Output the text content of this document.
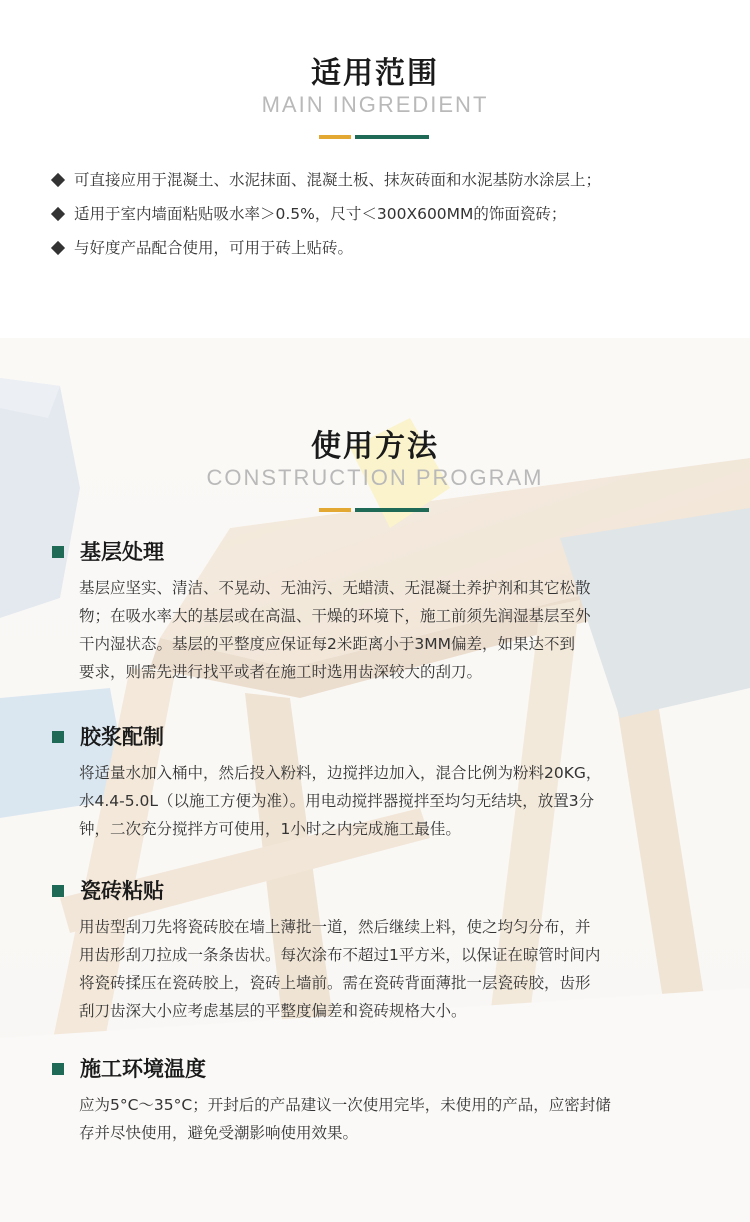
适用范围
MAIN INGREDIENT
可直接应用于混凝土、水泥抹面、混凝土板、抹灰砖面和水泥基防水涂层上；
适用于室内墙面粘贴吸水率＞0.5%，尺寸＜300X600MM的饰面瓷砖；
与好度产品配合使用，可用于砖上贴砖。
使用方法
CONSTRUCTION PROGRAM
基层处理
基层应坚实、清洁、不晃动、无油污、无蜡渍、无混凝土养护剂和其它松散
物；在吸水率大的基层或在高温、干燥的环境下，施工前须先润湿基层至外
干内湿状态。基层的平整度应保证每2米距离小于3MM偏差，如果达不到
要求，则需先进行找平或者在施工时选用齿深较大的刮刀。
胶浆配制
将适量水加入桶中，然后投入粉料，边搅拌边加入，混合比例为粉料20KG，
水4.4-5.0L（以施工方便为准）。用电动搅拌器搅拌至均匀无结块，放置3分
钟，二次充分搅拌方可使用，1小时之内完成施工最佳。
瓷砖粘贴
用齿型刮刀先将瓷砖胶在墙上薄批一道，然后继续上料，使之均匀分布，并
用齿形刮刀拉成一条条齿状。每次涂布不超过1平方米，以保证在晾管时间内
将瓷砖揉压在瓷砖胶上，瓷砖上墙前。需在瓷砖背面薄批一层瓷砖胶，齿形
刮刀齿深大小应考虑基层的平整度偏差和瓷砖规格大小。
施工环境温度
应为5°C～35°C；开封后的产品建议一次使用完毕，未使用的产品，应密封储
存并尽快使用，避免受潮影响使用效果。
